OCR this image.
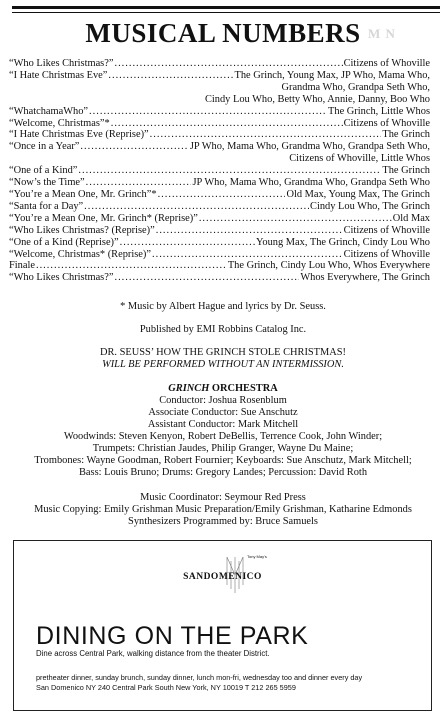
M N
MUSICAL NUMBERS
“Who Likes Christmas?” .....	Citizens of Whoville
“I Hate Christmas Eve” .....	The Grinch, Young Max, JP Who, Mama Who,
Grandma Who, Grandpa Seth Who,
Cindy Lou Who, Betty Who, Annie, Danny, Boo Who
“WhatchamaWho” .....	The Grinch, Little Whos
“Welcome, Christmas”* .....	Citizens of Whoville
“I Hate Christmas Eve (Reprise)” .....	The Grinch
“Once in a Year” .....	JP Who, Mama Who, Grandma Who, Grandpa Seth Who,
Citizens of Whoville, Little Whos
“One of a Kind” .....	The Grinch
“Now’s the Time” .....	JP Who, Mama Who, Grandma Who, Grandpa Seth Who
“You’re a Mean One, Mr. Grinch”* .....	Old Max, Young Max, The Grinch
“Santa for a Day” .....	Cindy Lou Who, The Grinch
“You’re a Mean One, Mr. Grinch* (Reprise)” .....	Old Max
“Who Likes Christmas? (Reprise)” .....	Citizens of Whoville
“One of a Kind (Reprise)” .....	Young Max, The Grinch, Cindy Lou Who
“Welcome, Christmas* (Reprise)” .....	Citizens of Whoville
Finale .....	The Grinch, Cindy Lou Who, Whos Everywhere
“Who Likes Christmas?” .....	Whos Everywhere, The Grinch
* Music by Albert Hague and lyrics by Dr. Seuss.
Published by EMI Robbins Catalog Inc.
DR. SEUSS’ HOW THE GRINCH STOLE CHRISTMAS!
WILL BE PERFORMED WITHOUT AN INTERMISSION.
GRINCH ORCHESTRA
Conductor: Joshua Rosenblum
Associate Conductor: Sue Anschutz
Assistant Conductor: Mark Mitchell
Woodwinds: Steven Kenyon, Robert DeBellis, Terrence Cook, John Winder;
Trumpets: Christian Jaudes, Philip Granger, Wayne Du Maine;
Trombones: Wayne Goodman, Robert Fournier; Keyboards: Sue Anschutz, Mark Mitchell;
Bass: Louis Bruno; Drums: Gregory Landes; Percussion: David Roth
Music Coordinator: Seymour Red Press
Music Copying: Emily Grishman Music Preparation/Emily Grishman, Katharine Edmonds
Synthesizers Programmed by: Bruce Samuels
Tony May's
SANDOMENICO
DINING ON THE PARK
Dine across Central Park, walking distance from the theater District.
pretheater dinner, sunday brunch, sunday dinner, lunch mon-fri, wednesday too and dinner every day
San Domenico NY 240 Central Park South New York, NY 10019 T 212 265 5959
